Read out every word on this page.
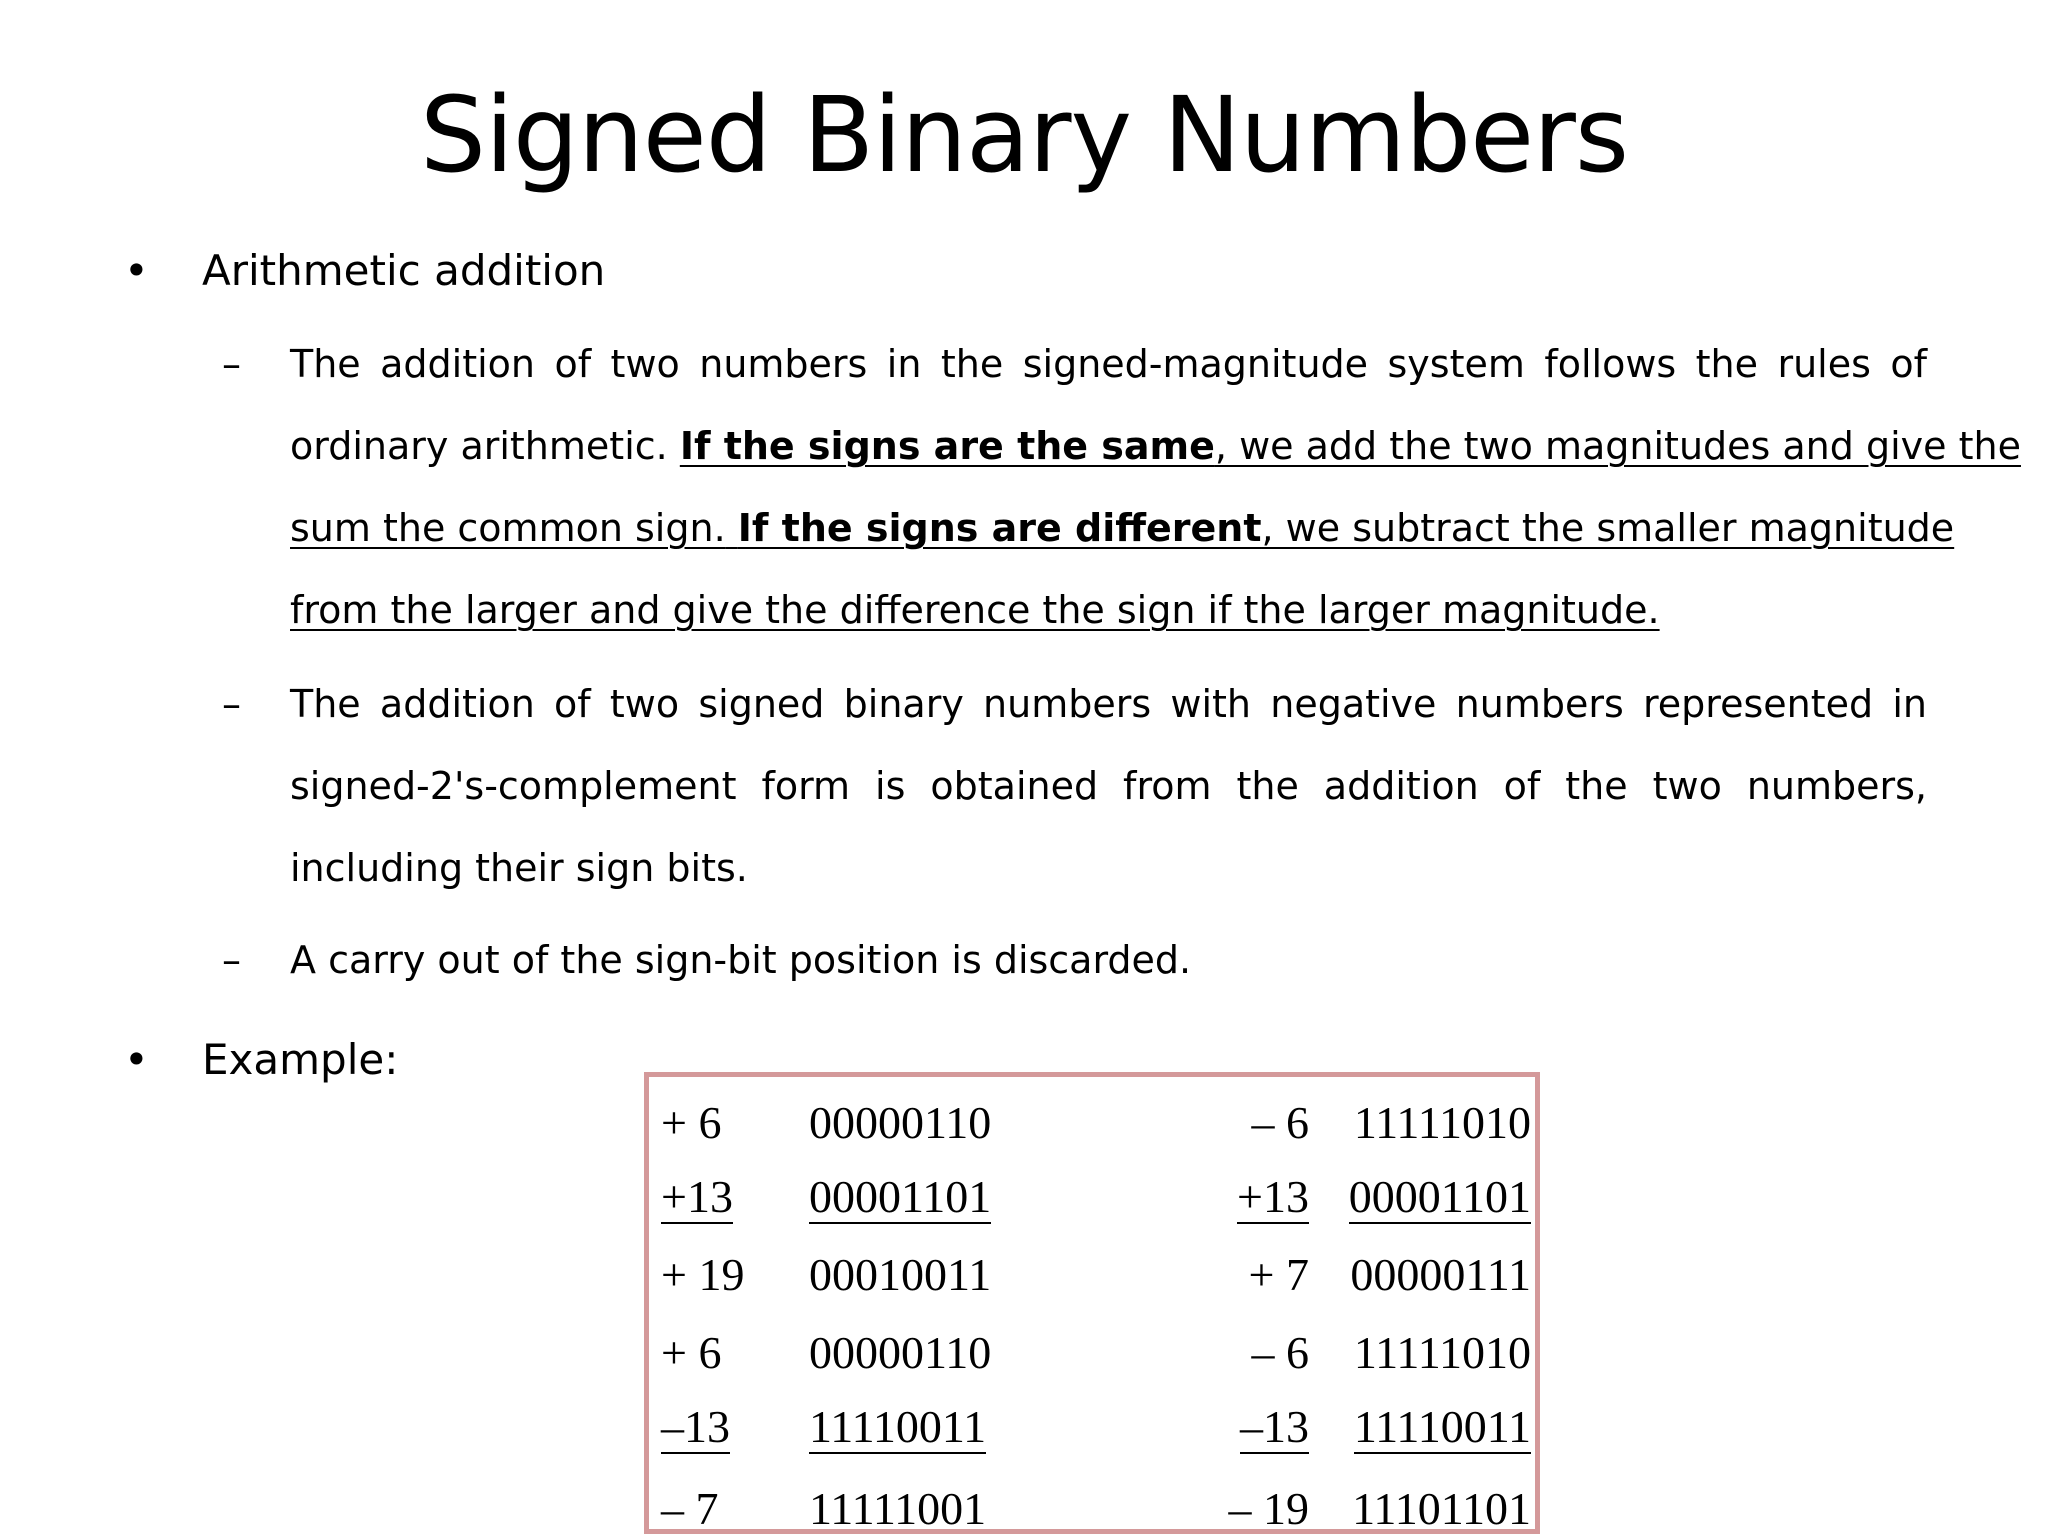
Signed Binary Numbers
•	Arithmetic addition
– The addition of two numbers in the signed-magnitude system follows the rules of
ordinary arithmetic. If the signs are the same, we add the two magnitudes and give the
sum the common sign. If the signs are different, we subtract the smaller magnitude
from the larger and give the difference the sign if the larger magnitude.
– The addition of two signed binary numbers with negative numbers represented in
signed-2's-complement form is obtained from the addition of the two numbers,
including their sign bits.
– A carry out of the sign-bit position is discarded.
•	Example:
+ 6	00000110	– 6 11111010
+13	00001101	+13 00001101
+ 19	00010011	+ 7 00000111
+ 6	00000110	– 6 11111010
–13	11110011	–13 11110011
– 7	11111001	– 19 11101101
